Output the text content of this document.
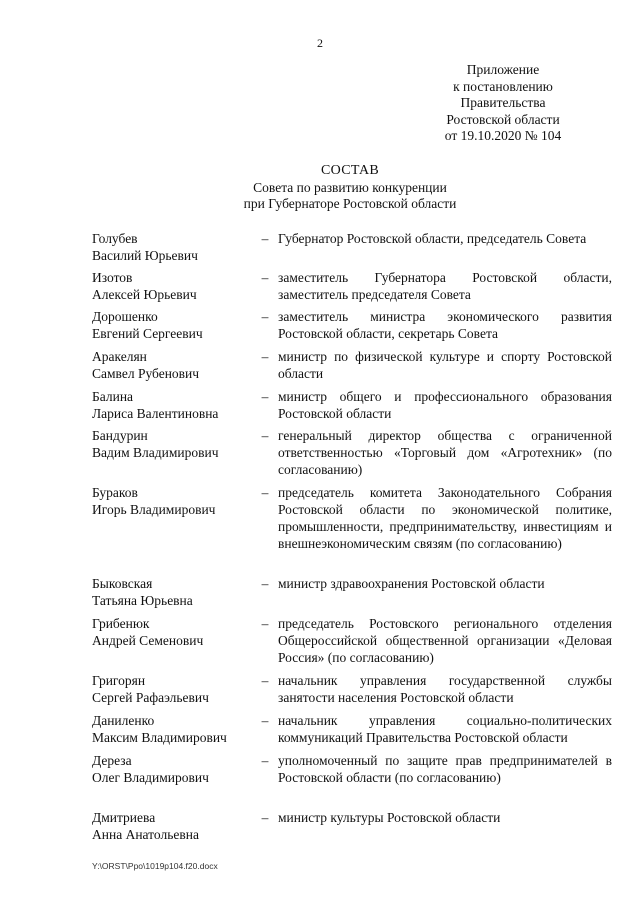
2
Приложение
к постановлению
Правительства
Ростовской области
от 19.10.2020 № 104
СОСТАВ
Совета по развитию конкуренции
при Губернаторе Ростовской области
Голубев
Василий Юрьевич
– Губернатор Ростовской области, председатель Совета
Изотов
Алексей Юрьевич
– заместитель Губернатора Ростовской области, заместитель председателя Совета
Дорошенко
Евгений Сергеевич
– заместитель министра экономического развития Ростовской области, секретарь Совета
Аракелян
Самвел Рубенович
– министр по физической культуре и спорту Ростовской области
Балина
Лариса Валентиновна
– министр общего и профессионального образования Ростовской области
Бандурин
Вадим Владимирович
– генеральный директор общества с ограниченной ответственностью «Торговый дом «Агротехник» (по согласованию)
Бураков
Игорь Владимирович
– председатель комитета Законодательного Собрания Ростовской области по экономической политике, промышленности, предпринимательству, инвестициям и внешнеэкономическим связям (по согласованию)
Быковская
Татьяна Юрьевна
– министр здравоохранения Ростовской области
Грибенюк
Андрей Семенович
– председатель Ростовского регионального отделения Общероссийской общественной организации «Деловая Россия» (по согласованию)
Григорян
Сергей Рафаэльевич
– начальник управления государственной службы занятости населения Ростовской области
Даниленко
Максим Владимирович
– начальник управления социально-политических коммуникаций Правительства Ростовской области
Дереза
Олег Владимирович
– уполномоченный по защите прав предпринимателей в Ростовской области (по согласованию)
Дмитриева
Анна Анатольевна
– министр культуры Ростовской области
Y:\ORST\Ppo\1019p104.f20.docx
